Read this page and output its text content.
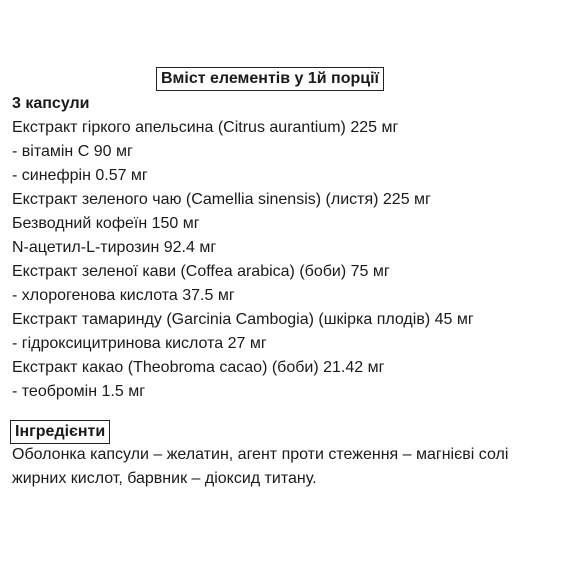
Вміст елементів у 1й порції
3 капсули
Екстракт гіркого апельсина (Citrus aurantium) 225 мг
- вітамін С 90 мг
- синефрін 0.57 мг
Екстракт зеленого чаю (Camellia sinensis) (листя) 225 мг
Безводний кофеїн 150 мг
N-ацетил-L-тирозин 92.4 мг
Екстракт зеленої кави (Coffea arabica) (боби) 75 мг
- хлорогенова кислота 37.5 мг
Екстракт тамаринду (Garcinia Cambogia) (шкірка плодів) 45 мг
- гідроксицитринова кислота 27 мг
Екстракт какао (Theobroma cacao) (боби) 21.42 мг
- теобромін 1.5 мг
Інгредієнти
Оболонка капсули – желатин, агент проти стеження – магнієві солі
жирних кислот, барвник – діоксид титану.
